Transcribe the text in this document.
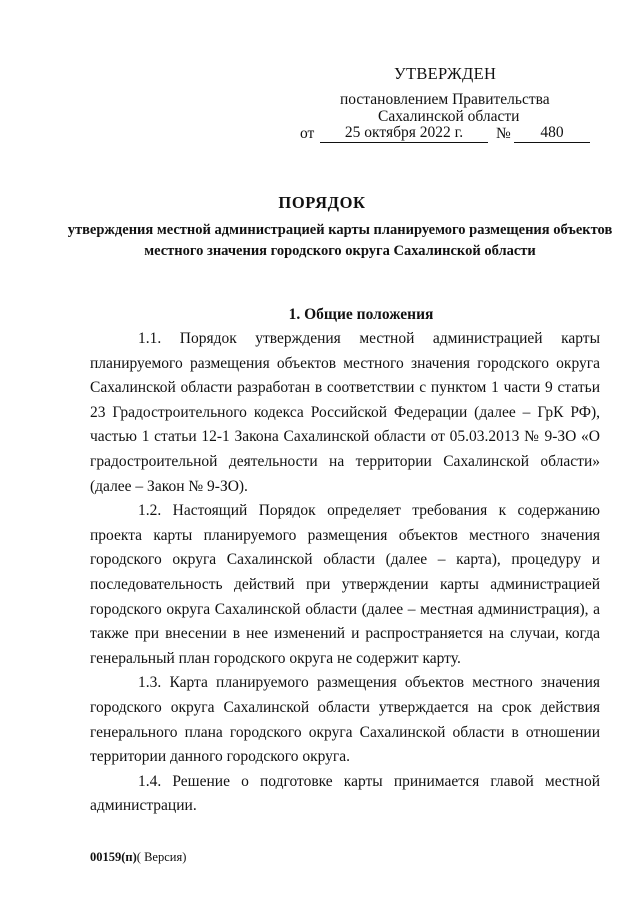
УТВЕРЖДЕН
постановлением Правительства
Сахалинской области
от	25 октября 2022 г.	№	480
ПОРЯДОК
утверждения местной администрацией карты планируемого размещения объектов местного значения городского округа Сахалинской области
1. Общие положения

1.1. Порядок утверждения местной администрацией карты планируемого размещения объектов местного значения городского округа Сахалинской области разработан в соответствии с пунктом 1 части 9 статьи 23 Градостроительного кодекса Российской Федерации (далее – ГрК РФ), частью 1 статьи 12-1 Закона Сахалинской области от 05.03.2013 № 9-ЗО «О градостроительной деятельности на территории Сахалинской области» (далее – Закон № 9-ЗО).

1.2. Настоящий Порядок определяет требования к содержанию проекта карты планируемого размещения объектов местного значения городского округа Сахалинской области (далее – карта), процедуру и последовательность действий при утверждении карты администрацией городского округа Сахалинской области (далее – местная администрация), а также при внесении в нее изменений и распространяется на случаи, когда генеральный план городского округа не содержит карту.

1.3. Карта планируемого размещения объектов местного значения городского округа Сахалинской области утверждается на срок действия генерального плана городского округа Сахалинской области в отношении территории данного городского округа.

1.4. Решение о подготовке карты принимается главой местной администрации.

00159(п)( Версия)
